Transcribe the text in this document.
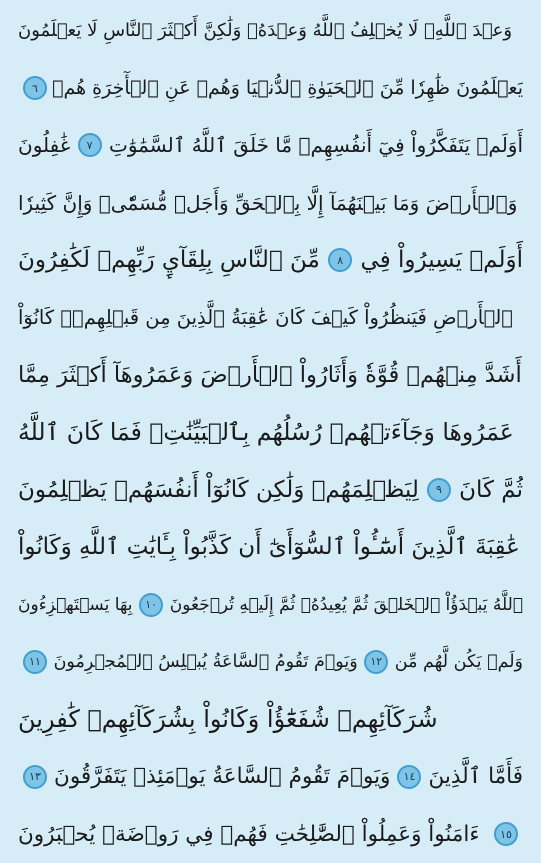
وَعۡدَ ٱللَّهِۖ لَا يُخۡلِفُ ٱللَّهُ وَعۡدَهُۥ وَلَٰكِنَّ أَكۡثَرَ ٱلنَّاسِ لَا يَعۡلَمُونَ
٦ يَعۡلَمُونَ ظَٰهِرٗا مِّنَ ٱلۡحَيَوٰةِ ٱلدُّنۡيَا وَهُمۡ عَنِ ٱلۡأٓخِرَةِ هُمۡ
غَٰفِلُونَ	٧ أَوَلَمۡ يَتَفَكَّرُواْ فِيٓ أَنفُسِهِمۗ مَّا خَلَقَ ٱللَّهُ ٱلسَّمَٰوَٰتِ
وَٱلۡأَرۡضَ وَمَا بَيۡنَهُمَآ إِلَّا بِٱلۡحَقِّ وَأَجَلٖ مُّسَمّٗىۗ وَإِنَّ كَثِيرٗا
مِّنَ ٱلنَّاسِ بِلِقَآيِٕ رَبِّهِمۡ لَكَٰفِرُونَ	٨ أَوَلَمۡ يَسِيرُواْ فِي
ٱلۡأَرۡضِ فَيَنظُرُواْ كَيۡفَ كَانَ عَٰقِبَةُ ٱلَّذِينَ مِن قَبۡلِهِمۡۚ كَانُوٓاْ
أَشَدَّ مِنۡهُمۡ قُوَّةٗ وَأَثَارُواْ ٱلۡأَرۡضَ وَعَمَرُوهَآ أَكۡثَرَ مِمَّا
عَمَرُوهَا وَجَآءَتۡهُمۡ رُسُلُهُم بِٱلۡبَيِّنَٰتِۖ فَمَا كَانَ ٱللَّهُ
لِيَظۡلِمَهُمۡ وَلَٰكِن كَانُوٓاْ أَنفُسَهُمۡ يَظۡلِمُونَ	٩ ثُمَّ كَانَ
عَٰقِبَةَ ٱلَّذِينَ أَسَٰٓـُٔواْ ٱلسُّوٓأَىٰٓ أَن كَذَّبُواْ بِـَٔايَٰتِ ٱللَّهِ وَكَانُواْ
بِهَا يَسۡتَهۡزِءُونَ	١٠ ٱللَّهُ يَبۡدَؤُاْ ٱلۡخَلۡقَ ثُمَّ يُعِيدُهُۥ ثُمَّ إِلَيۡهِ تُرۡجَعُونَ
١١ وَيَوۡمَ تَقُومُ ٱلسَّاعَةُ يُبۡلِسُ ٱلۡمُجۡرِمُونَ	١٢ وَلَمۡ يَكُن لَّهُم مِّن
شُرَكَآئِهِمۡ شُفَعَٰٓؤُاْ وَكَانُواْ بِشُرَكَآئِهِمۡ كَٰفِرِينَ
١٣ وَيَوۡمَ تَقُومُ ٱلسَّاعَةُ يَوۡمَئِذٖ يَتَفَرَّقُونَ	١٤ فَأَمَّا ٱلَّذِينَ
ءَامَنُواْ وَعَمِلُواْ ٱلصَّٰلِحَٰتِ فَهُمۡ فِي رَوۡضَةٖ يُحۡبَرُونَ	١٥
